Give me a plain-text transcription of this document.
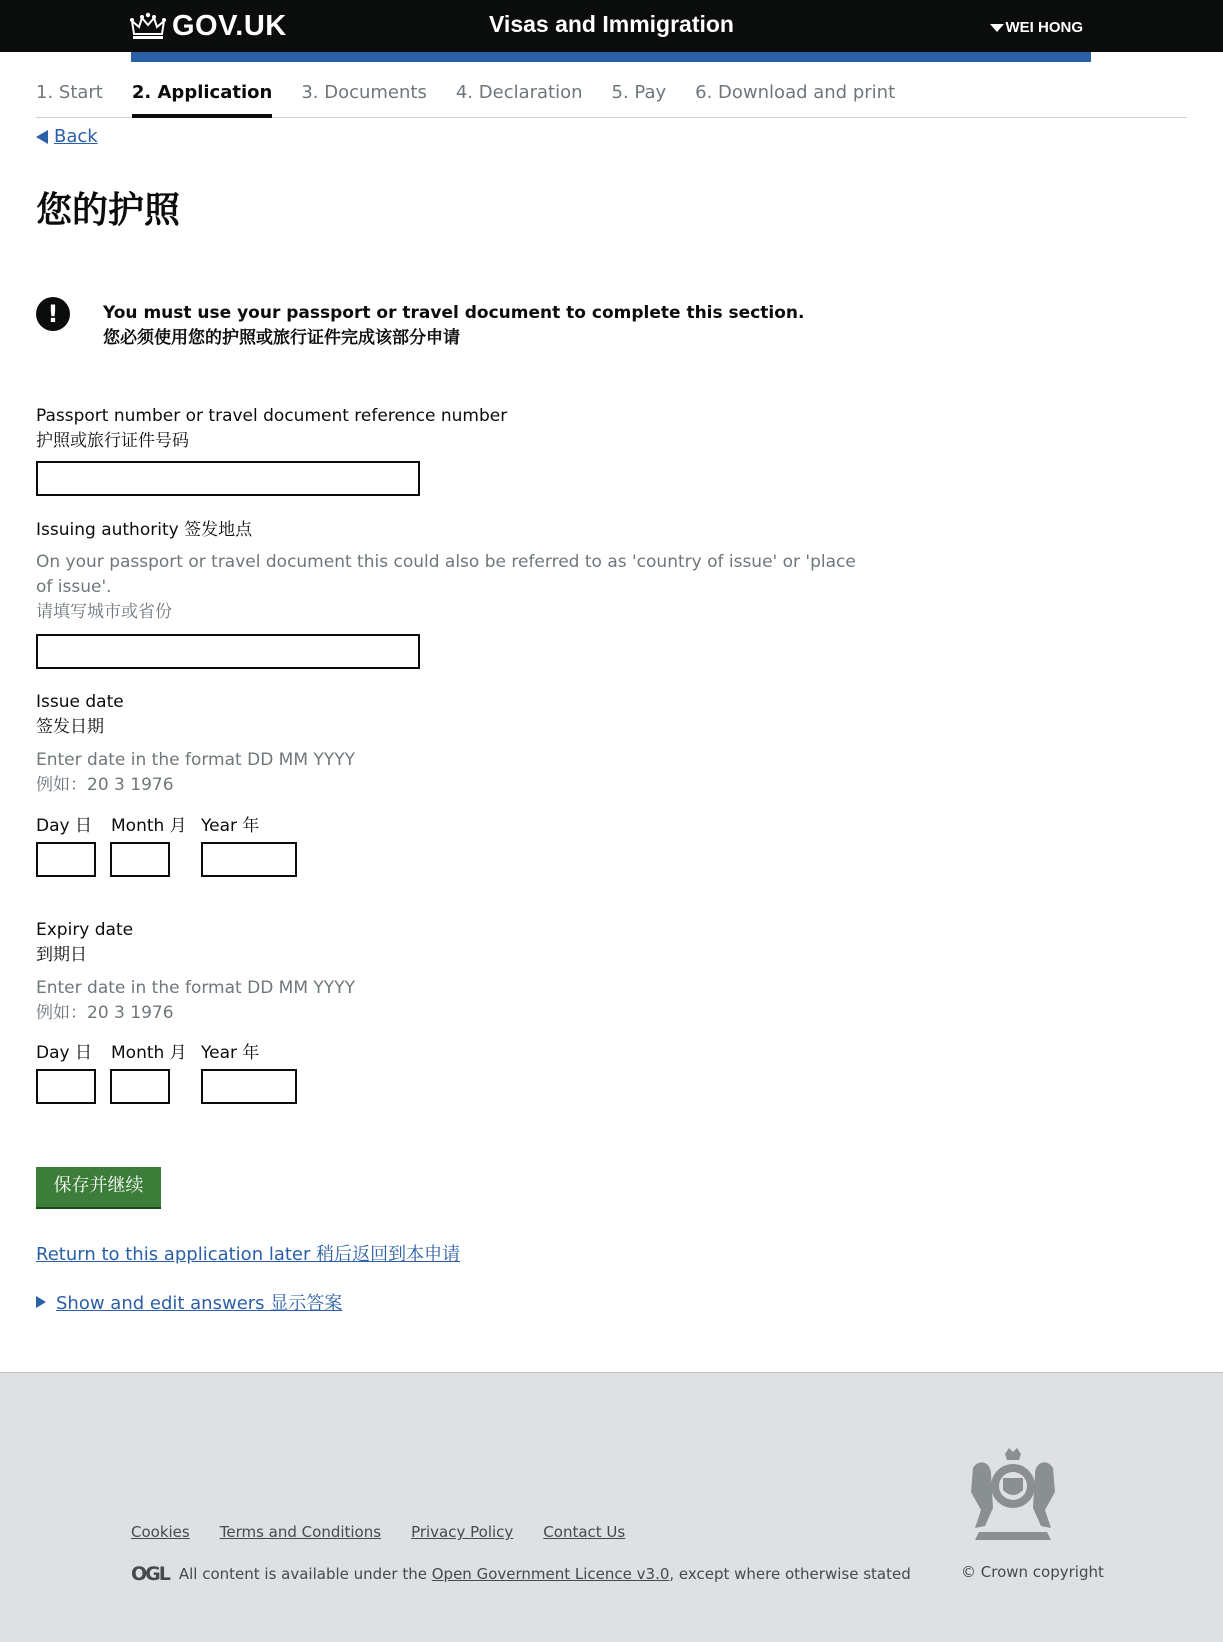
GOV.UK	Visas and Immigration	WEI HONG
1. Start 2. Application 3. Documents 4. Declaration 5. Pay 6. Download and print
Back
您的护照
!	You must use your passport or travel document to complete this section.
您必须使用您的护照或旅行证件完成该部分申请
Passport number or travel document reference number
护照或旅行证件号码
Issuing authority 签发地点
On your passport or travel document this could also be referred to as 'country of issue' or 'place of issue'.
请填写城市或省份
Issue date
签发日期
Enter date in the format DD MM YYYY
例如：20 3 1976
Day 日 Month 月 Year 年
Expiry date
到期日
Enter date in the format DD MM YYYY
例如：20 3 1976
Day 日 Month 月 Year 年
保存并继续
Return to this application later 稍后返回到本申请
Show and edit answers 显示答案
Cookies Terms and Conditions Privacy Policy Contact Us
OGL All content is available under the
Open Government Licence v3.0 , except where otherwise stated	© Crown copyright
